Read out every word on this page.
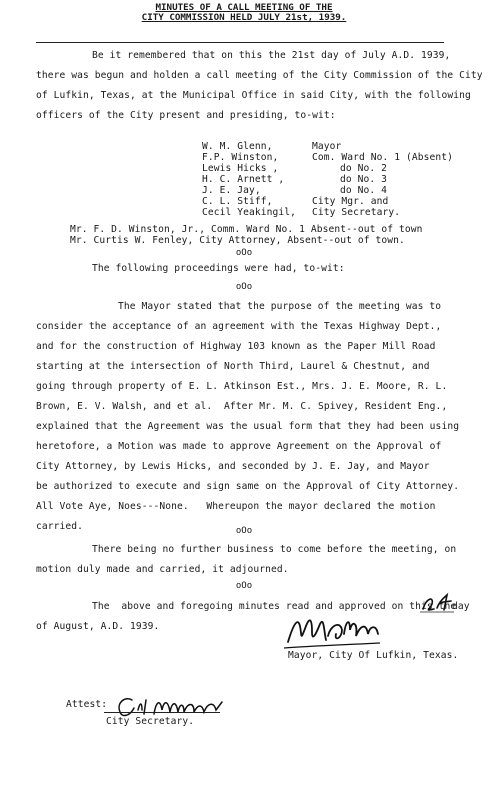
MINUTES OF A CALL MEETING OF THE
CITY COMMISSION HELD JULY 21st, 1939.
Be it remembered that on this the 21st day of July A.D. 1939,
there was begun and holden a call meeting of the City Commission of the City
of Lufkin, Texas, at the Municipal Office in said City, with the following
officers of the City present and presiding, to-wit:
W. M. Glenn,	Mayor
F.P. Winston,	Com. Ward No. 1 (Absent)
Lewis Hicks ,	do No. 2
H. C. Arnett ,	do No. 3
J. E. Jay,	do No. 4
C. L. Stiff,	City Mgr. and
Cecil Yeakingil, City Secretary.
Mr. F. D. Winston, Jr., Comm. Ward No. 1 Absent--out of town
Mr. Curtis W. Fenley, City Attorney, Absent--out of town.
oOo
The following proceedings were had, to-wit:
oOo
The Mayor stated that the purpose of the meeting was to
consider the acceptance of an agreement with the Texas Highway Dept.,
and for the construction of Highway 103 known as the Paper Mill Road
starting at the intersection of North Third, Laurel & Chestnut, and
going through property of E. L. Atkinson Est., Mrs. J. E. Moore, R. L.
Brown, E. V. Walsh, and et al.  After Mr. M. C. Spivey, Resident Eng.,
explained that the Agreement was the usual form that they had been using
heretofore, a Motion was made to approve Agreement on the Approval of
City Attorney, by Lewis Hicks, and seconded by J. E. Jay, and Mayor
be authorized to execute and sign same on the Approval of City Attorney.
All Vote Aye, Noes---None.   Whereupon the mayor declared the motion
carried.	oOo
There being no further business to come before the meeting, on
motion duly made and carried, it adjourned.
oOo
The  above and foregoing minutes read and approved on this the
day
of August, A.D. 1939.
Mayor, City Of Lufkin, Texas.
Attest:
City Secretary.
